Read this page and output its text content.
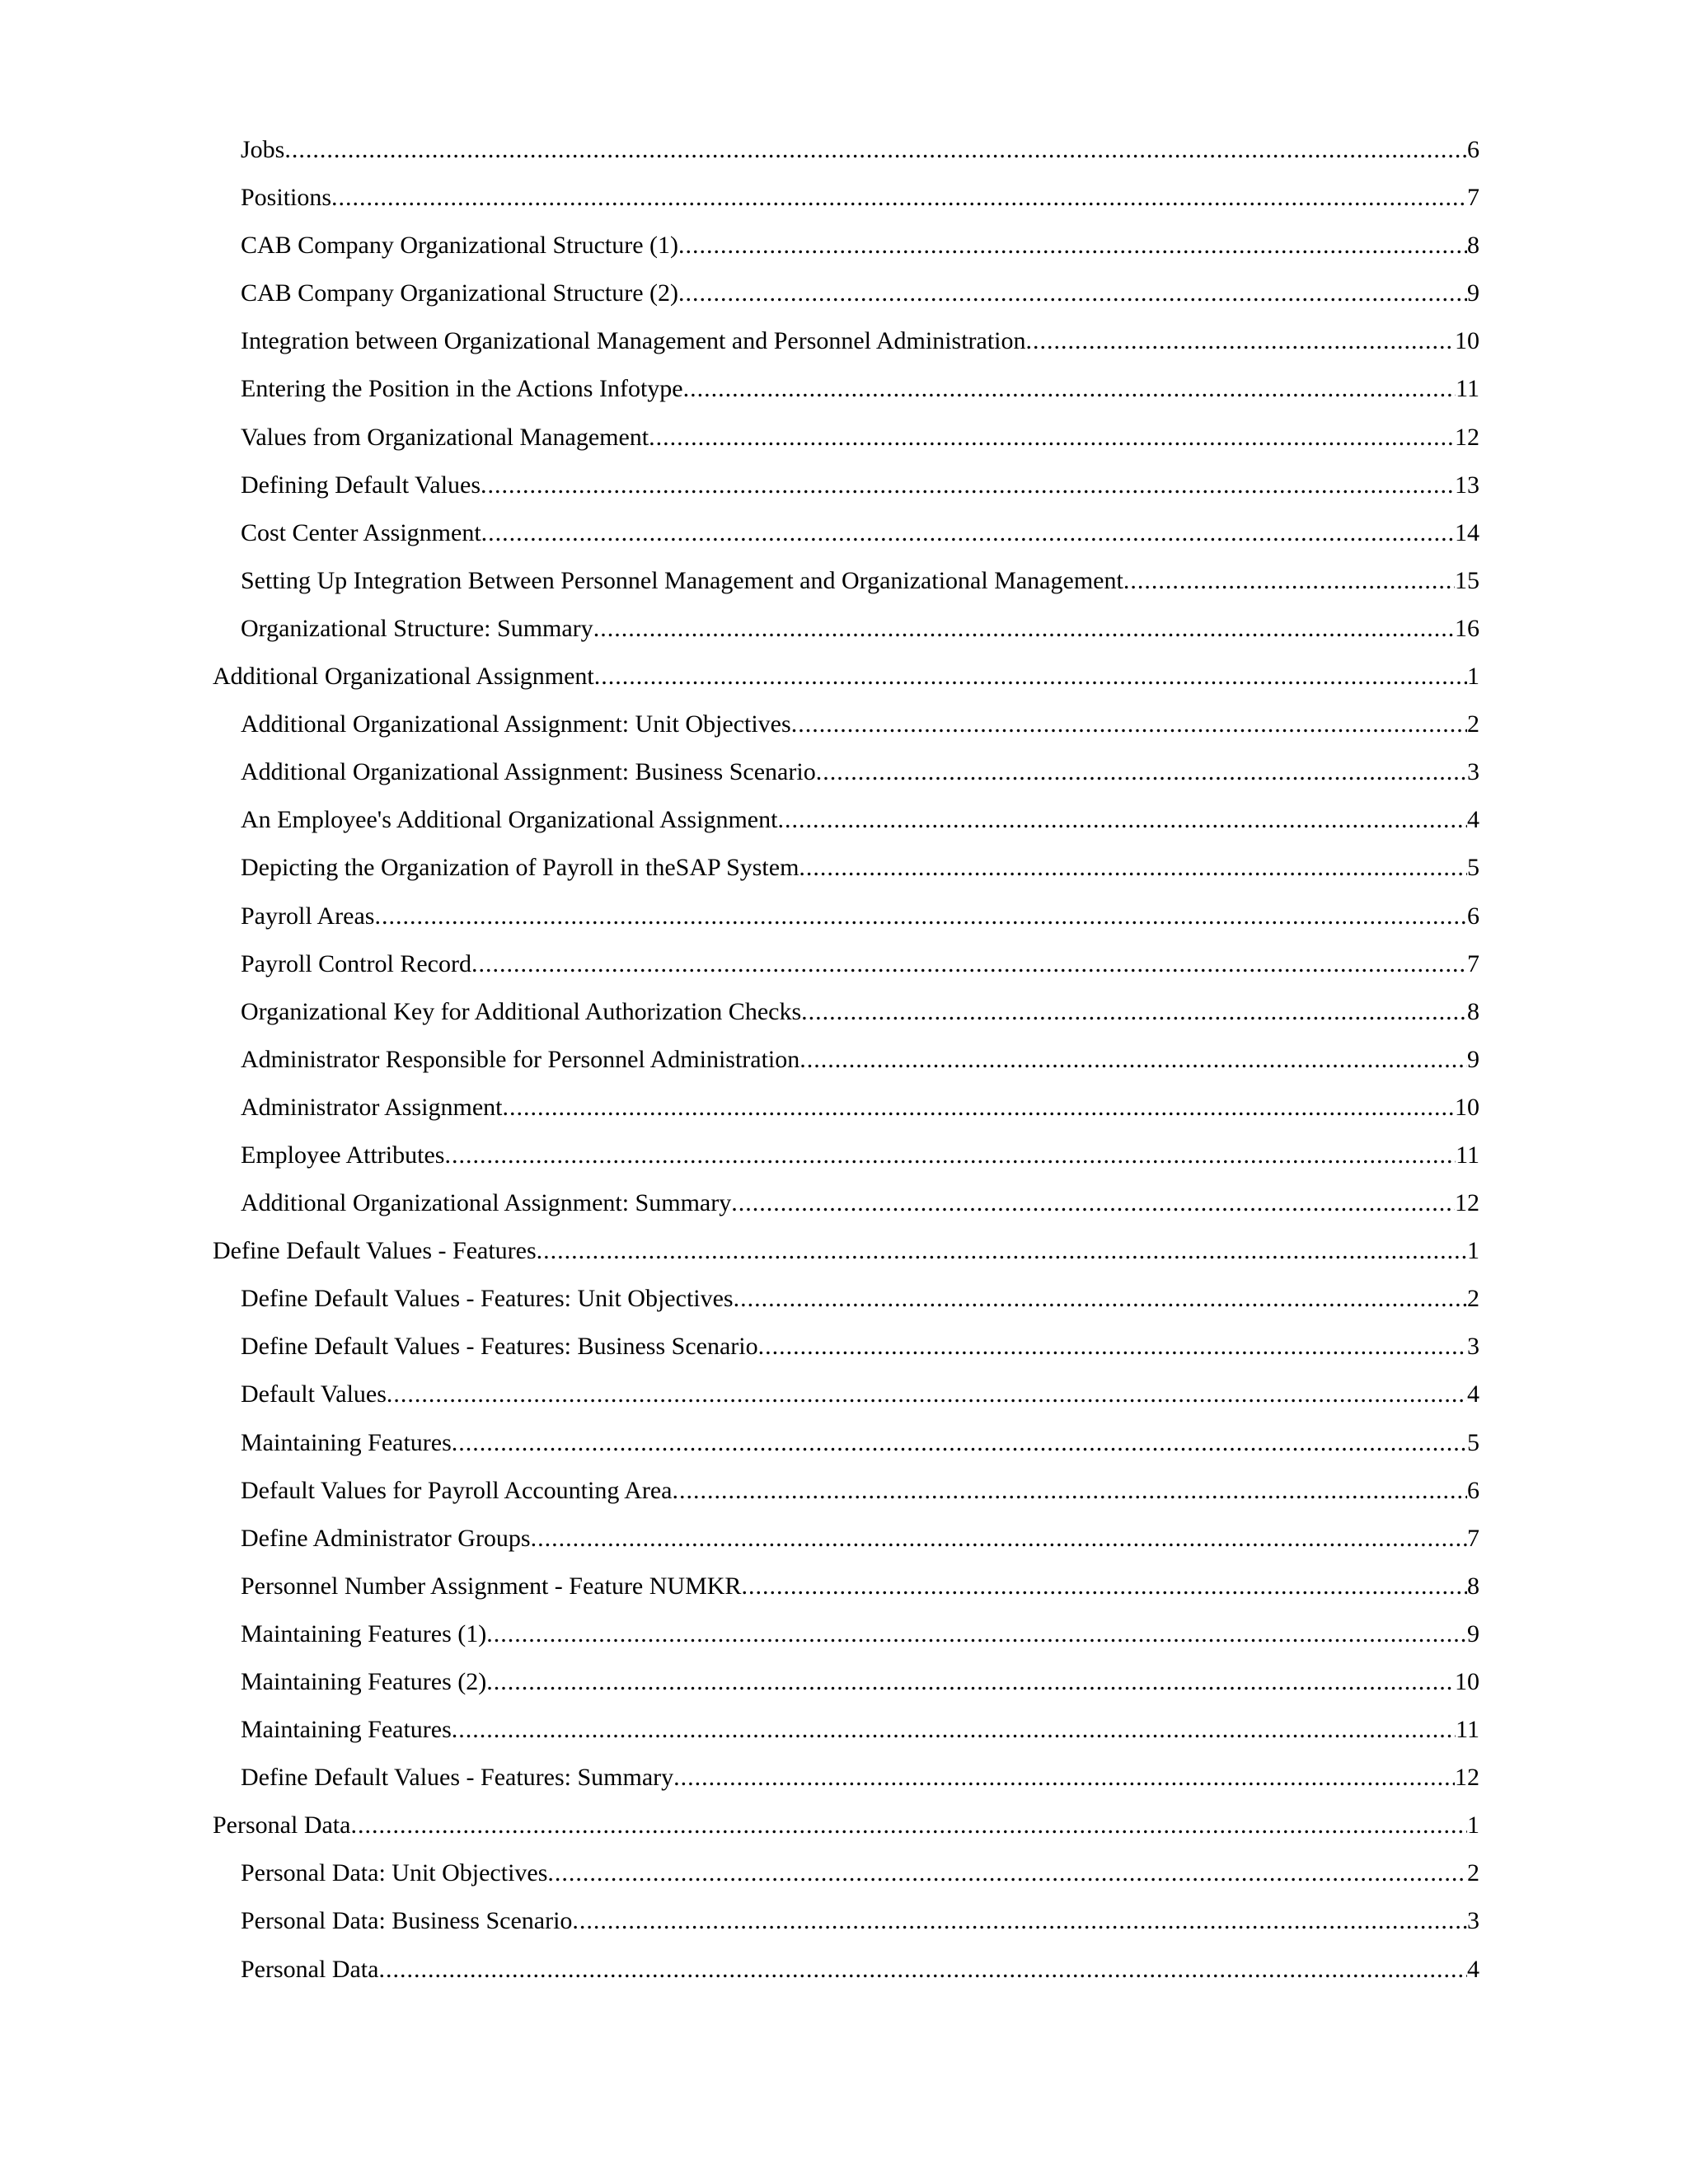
Jobs .....	6
Positions .....	7
CAB Company Organizational Structure (1) .....	8
CAB Company Organizational Structure (2) .....	9
Integration between Organizational Management and Personnel Administration .....	10
Entering the Position in the Actions Infotype .....	11
Values from Organizational Management .....	12
Defining Default Values .....	13
Cost Center Assignment .....	14
Setting Up Integration Between Personnel Management and Organizational Management .....	15
Organizational Structure: Summary .....	16
Additional Organizational Assignment .....	1
Additional Organizational Assignment: Unit Objectives .....	2
Additional Organizational Assignment: Business Scenario .....	3
An Employee's Additional Organizational Assignment .....	4
Depicting the Organization of Payroll in theSAP System .....	5
Payroll Areas .....	6
Payroll Control Record .....	7
Organizational Key for Additional Authorization Checks .....	8
Administrator Responsible for Personnel Administration .....	9
Administrator Assignment .....	10
Employee Attributes .....	11
Additional Organizational Assignment: Summary .....	12
Define Default Values - Features .....	1
Define Default Values - Features: Unit Objectives .....	2
Define Default Values - Features: Business Scenario .....	3
Default Values .....	4
Maintaining Features .....	5
Default Values for Payroll Accounting Area .....	6
Define Administrator Groups .....	7
Personnel Number Assignment - Feature NUMKR .....	8
Maintaining Features (1) .....	9
Maintaining Features (2) .....	10
Maintaining Features .....	11
Define Default Values - Features: Summary .....	12
Personal Data .....	1
Personal Data: Unit Objectives .....	2
Personal Data: Business Scenario .....	3
Personal Data .....	4
